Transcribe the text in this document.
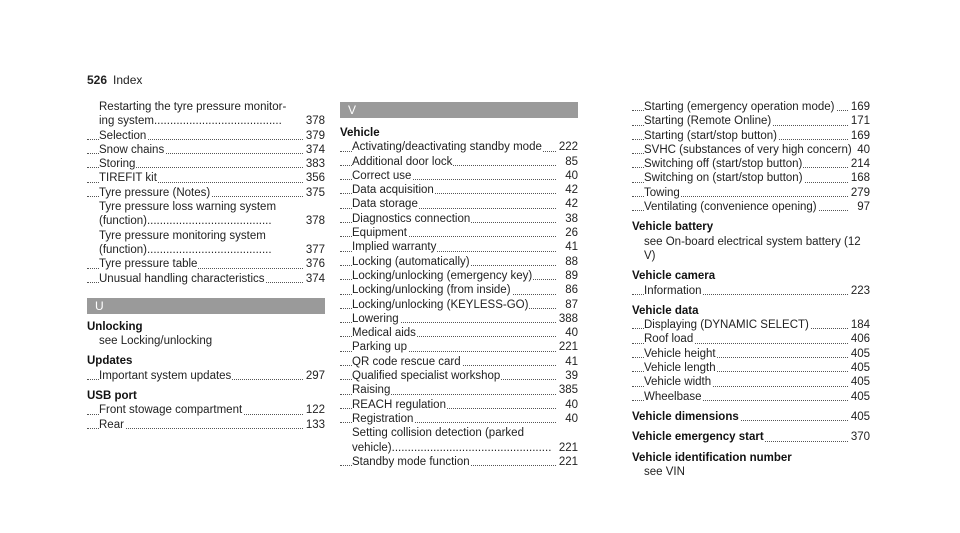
526 Index
Restarting the tyre pressure monitor-
ing system........................................	378
Selection	379
Snow chains	374
Storing	383
TIREFIT kit	356
Tyre pressure (Notes)	375
Tyre pressure loss warning system
(function).......................................	378
Tyre pressure monitoring system
(function).......................................	377
Tyre pressure table	376
Unusual handling characteristics	374
U
Unlocking
see Locking/unlocking
Updates
Important system updates	297
USB port
Front stowage compartment	122
Rear	133
V
Vehicle
Activating/deactivating standby mode 222
Additional door lock	85
Correct use	40
Data acquisition	42
Data storage	42
Diagnostics connection	38
Equipment	26
Implied warranty	41
Locking (automatically)	88
Locking/unlocking (emergency key)	89
Locking/unlocking (from inside)	86
Locking/unlocking (KEYLESS-GO)	87
Lowering	388
Medical aids	40
Parking up	221
QR code rescue card	41
Qualified specialist workshop	39
Raising	385
REACH regulation	40
Registration	40
Setting collision detection (parked
vehicle).................................................. 221
Standby mode function	221
Starting (emergency operation mode) 169
Starting (Remote Online)	171
Starting (start/stop button)	169
SVHC (substances of very high concern) 40
Switching off (start/stop button)	214
Switching on (start/stop button)	168
Towing	279
Ventilating (convenience opening)	97
Vehicle battery
see On-board electrical system battery (12 V)
Vehicle camera
Information	223
Vehicle data
Displaying (DYNAMIC SELECT)	184
Roof load	406
Vehicle height	405
Vehicle length	405
Vehicle width	405
Wheelbase	405
Vehicle dimensions	405
Vehicle emergency start	370
Vehicle identification number
see VIN
